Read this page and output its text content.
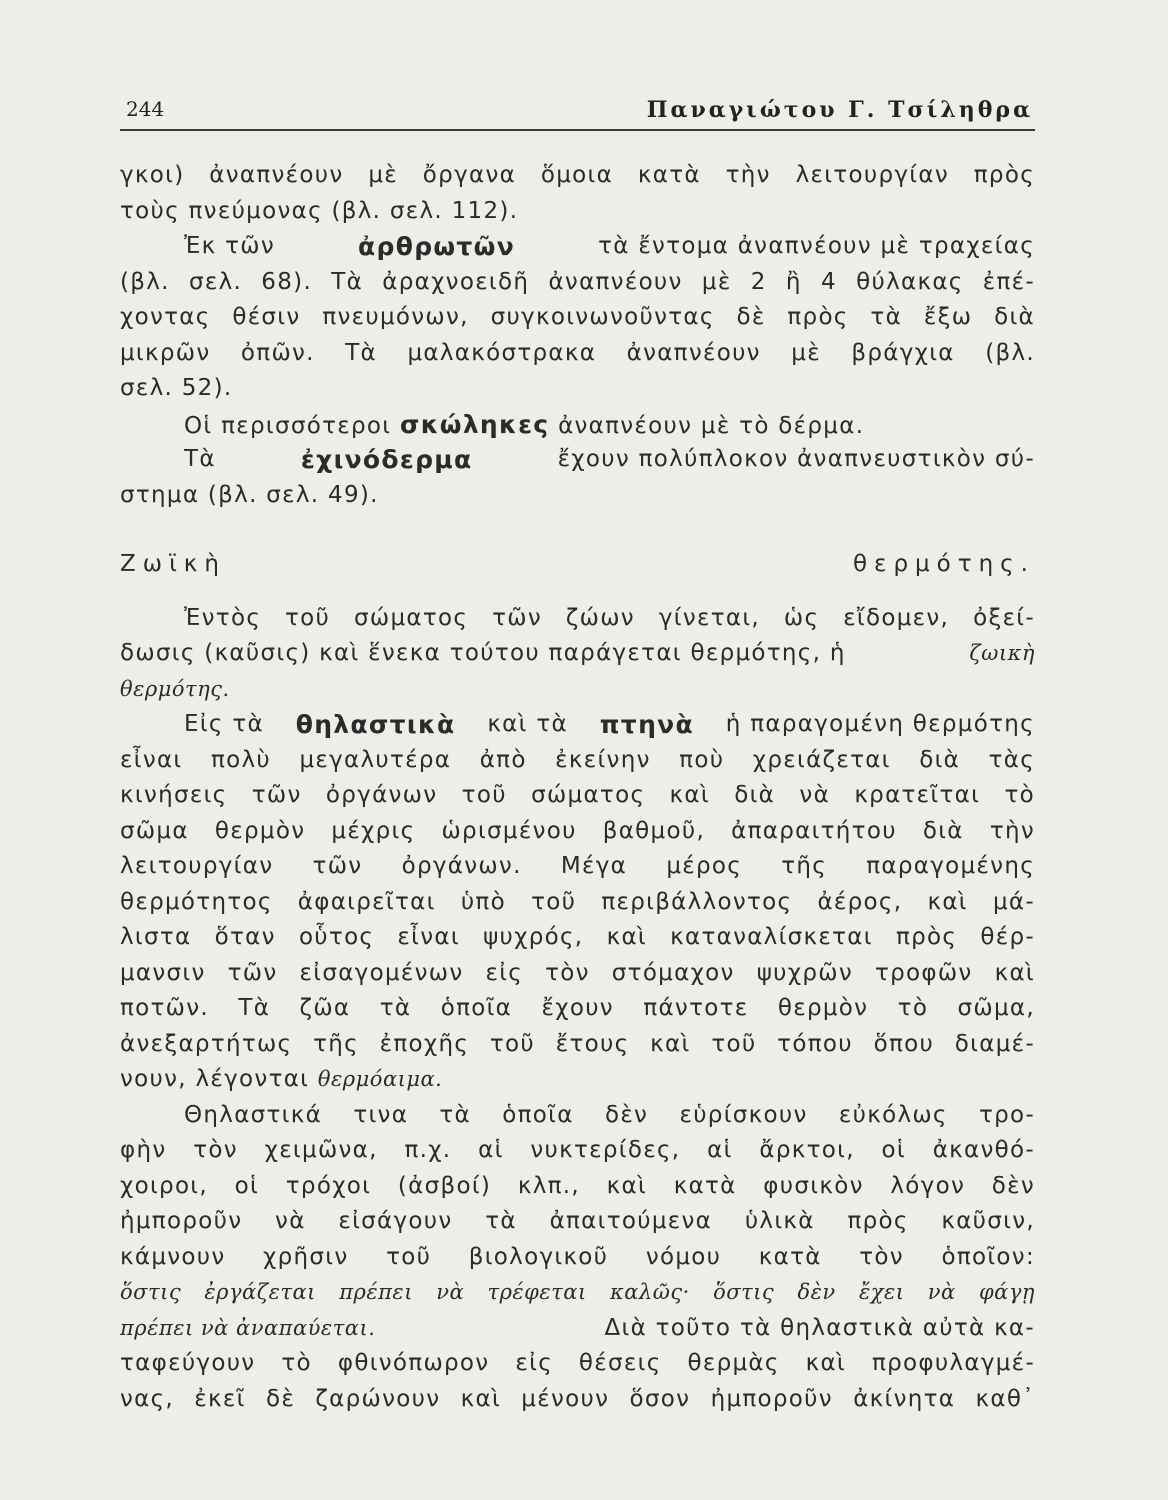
244	Παναγιώτου Γ. Τσίληθρα
γκοι) ἀναπνέουν μὲ ὄργανα ὅμοια κατὰ τὴν λειτουργίαν πρὸς
τοὺς πνεύμονας (βλ. σελ. 112).
Ἐκ τῶν	ἀρθρωτῶν	τὰ ἔντομα ἀναπνέουν μὲ τραχείας
(βλ. σελ. 68). Τὰ ἀραχνοειδῆ ἀναπνέουν μὲ 2 ἢ 4 θύλακας ἐπέ-
χοντας θέσιν πνευμόνων, συγκοινωνοῦντας δὲ πρὸς τὰ ἔξω διὰ
μικρῶν ὀπῶν. Τὰ μαλακόστρακα ἀναπνέουν μὲ βράγχια (βλ.
σελ. 52).
Οἱ περισσότεροι σκώληκες ἀναπνέουν μὲ τὸ δέρμα.
Τὰ	ἐχινόδερμα	ἔχουν πολύπλοκον ἀναπνευστικὸν σύ-
στημα (βλ. σελ. 49).
Ζωϊκὴ θερμότης.
Ἐντὸς τοῦ σώματος τῶν ζώων γίνεται, ὡς εἴδομεν, ὀξεί-
δωσις (καῦσις) καὶ ἕνεκα τούτου παράγεται θερμότης, ἡ	ζωικὴ
θερμότης.
Εἰς τὰ θηλαστικὰ καὶ τὰ πτηνὰ ἡ παραγομένη θερμότης
εἶναι πολὺ μεγαλυτέρα ἀπὸ ἐκείνην ποὺ χρειάζεται διὰ τὰς
κινήσεις τῶν ὀργάνων τοῦ σώματος καὶ διὰ νὰ κρατεῖται τὸ
σῶμα θερμὸν μέχρις ὡρισμένου βαθμοῦ, ἀπαραιτήτου διὰ τὴν
λειτουργίαν τῶν ὀργάνων. Μέγα μέρος τῆς παραγομένης
θερμότητος ἀφαιρεῖται ὑπὸ τοῦ περιβάλλοντος ἀέρος, καὶ μά-
λιστα ὅταν οὗτος εἶναι ψυχρός, καὶ καταναλίσκεται πρὸς θέρ-
μανσιν τῶν εἰσαγομένων εἰς τὸν στόμαχον ψυχρῶν τροφῶν καὶ
ποτῶν. Τὰ ζῶα τὰ ὁποῖα ἔχουν πάντοτε θερμὸν τὸ σῶμα,
ἀνεξαρτήτως τῆς ἐποχῆς τοῦ ἔτους καὶ τοῦ τόπου ὅπου διαμέ-
νουν, λέγονται θερμόαιμα.
Θηλαστικά τινα τὰ ὁποῖα δὲν εὑρίσκουν εὐκόλως τρο-
φὴν τὸν χειμῶνα, π.χ. αἱ νυκτερίδες, αἱ ἄρκτοι, οἱ ἀκανθό-
χοιροι, οἱ τρόχοι (ἀσβοί) κλπ., καὶ κατὰ φυσικὸν λόγον δὲν
ἠμποροῦν νὰ εἰσάγουν τὰ ἀπαιτούμενα ὑλικὰ πρὸς καῦσιν,
κάμνουν χρῆσιν τοῦ βιολογικοῦ νόμου κατὰ τὸν ὁποῖον:
ὅστις ἐργάζεται πρέπει νὰ τρέφεται καλῶς· ὅστις δὲν ἔχει νὰ φάγῃ
πρέπει νὰ ἀναπαύεται.	Διὰ τοῦτο τὰ θηλαστικὰ αὐτὰ κα-
ταφεύγουν τὸ φθινόπωρον εἰς θέσεις θερμὰς καὶ προφυλαγμέ-
νας, ἐκεῖ δὲ ζαρώνουν καὶ μένουν ὅσον ἠμποροῦν ἀκίνητα καθ᾽
